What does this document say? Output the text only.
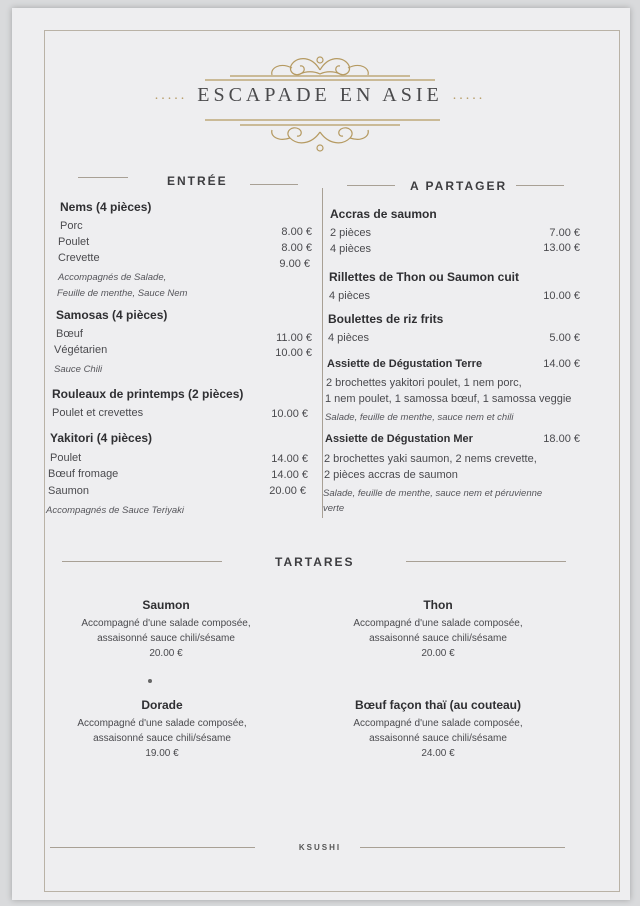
..... ESCAPADE EN ASIE .....
ENTRÉE
Nems (4 pièces)
Porc	8.00 €
Poulet	8.00 €
Crevette	9.00 €
Accompagnés de Salade,
Feuille de menthe, Sauce Nem
Samosas (4 pièces)
Bœuf	11.00 €
Végétarien	10.00 €
Sauce Chili
Rouleaux de printemps (2 pièces)
Poulet et crevettes	10.00 €
Yakitori (4 pièces)
Poulet	14.00 €
Bœuf fromage	14.00 €
Saumon	20.00 €
Accompagnés de Sauce Teriyaki
A PARTAGER
Accras de saumon
2 pièces	7.00 €
4 pièces	13.00 €
Rillettes de Thon ou Saumon cuit
4 pièces	10.00 €
Boulettes de riz frits
4 pièces	5.00 €
Assiette de Dégustation Terre	14.00 €
2 brochettes yakitori poulet, 1 nem porc,
1 nem poulet, 1 samossa bœuf, 1 samossa veggie
Salade, feuille de menthe, sauce nem et chili
Assiette de Dégustation Mer	18.00 €
2 brochettes yaki saumon, 2 nems crevette,
2 pièces accras de saumon
Salade, feuille de menthe, sauce nem et péruvienne
verte
TARTARES
Saumon
Accompagné d'une salade composée,
assaisonné sauce chili/sésame
20.00 €
Thon
Accompagné d'une salade composée,
assaisonné sauce chili/sésame
20.00 €
Dorade
Accompagné d'une salade composée,
assaisonné sauce chili/sésame
19.00 €
Bœuf façon thaï (au couteau)
Accompagné d'une salade composée,
assaisonné sauce chili/sésame
24.00 €
KSUSHI
